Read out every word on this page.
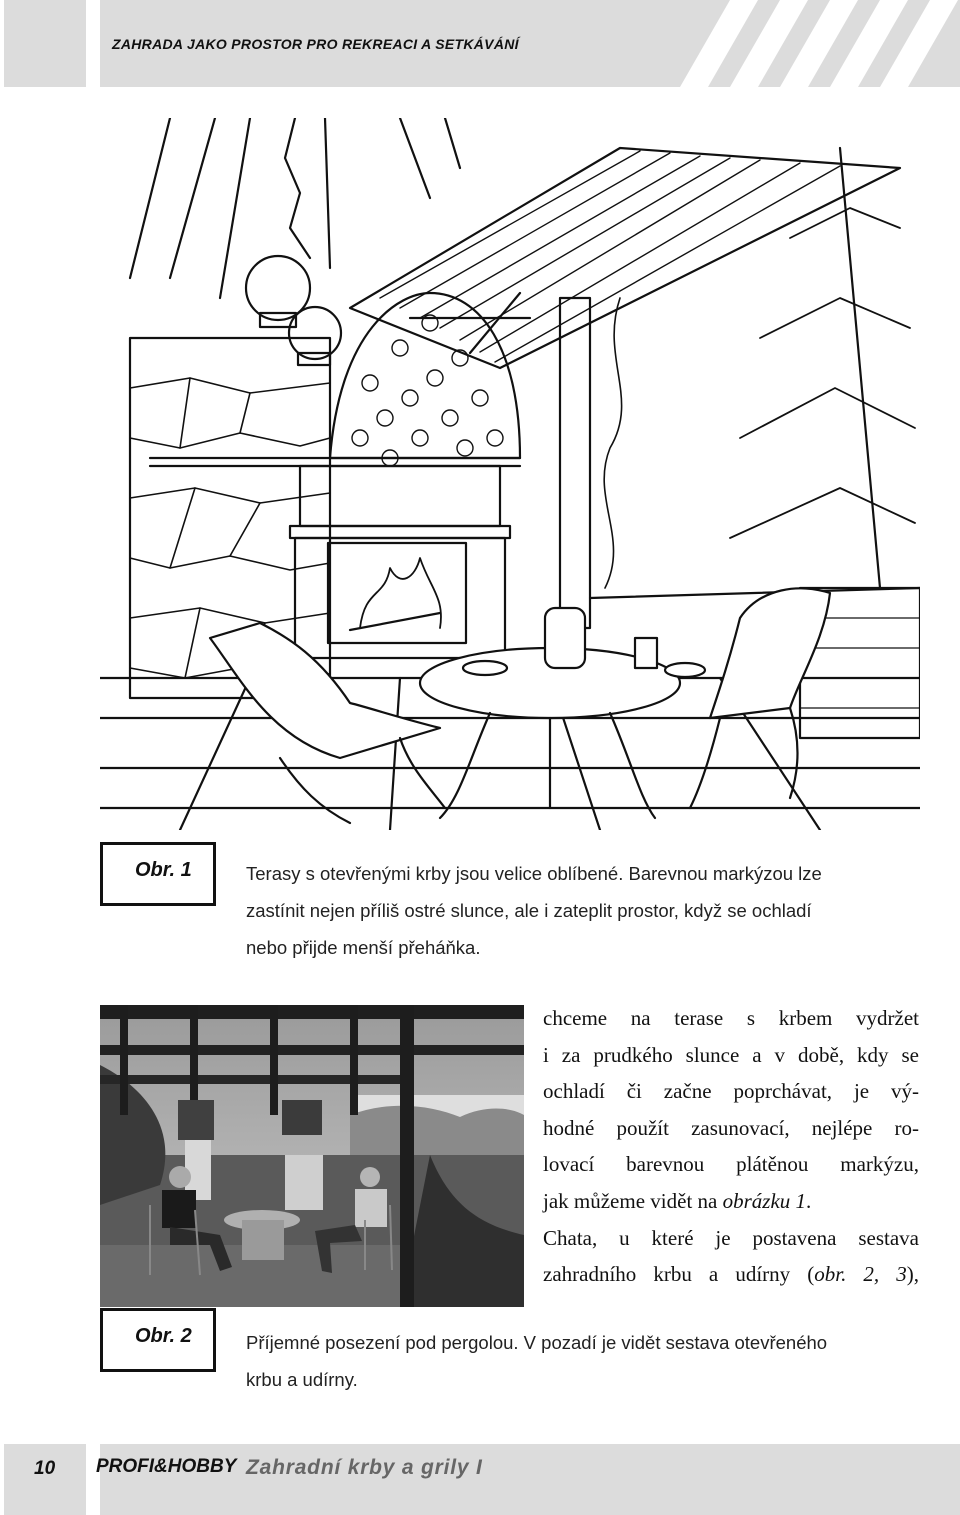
ZAHRADA JAKO PROSTOR PRO REKREACI A SETKÁVÁNÍ
Obr. 1	Terasy s otevřenými krby jsou velice oblíbené. Barevnou markýzou lze
zastínit nejen příliš ostré slunce, ale i zateplit prostor, když se ochladí
nebo přijde menší přeháňka.
chceme na terase s krbem vydržet
i za prudkého slunce a v době, kdy se
ochladí či začne poprchávat, je vý-
hodné použít zasunovací, nejlépe ro-
lovací barevnou plátěnou markýzu,
jak můžeme vidět na obrázku 1.
Chata, u které je postavena sestava
zahradního krbu a udírny (obr. 2, 3),
Obr. 2	Příjemné posezení pod pergolou. V pozadí je vidět sestava otevřeného
krbu a udírny.
10 PROFI&HOBBY Zahradní krby a grily I
